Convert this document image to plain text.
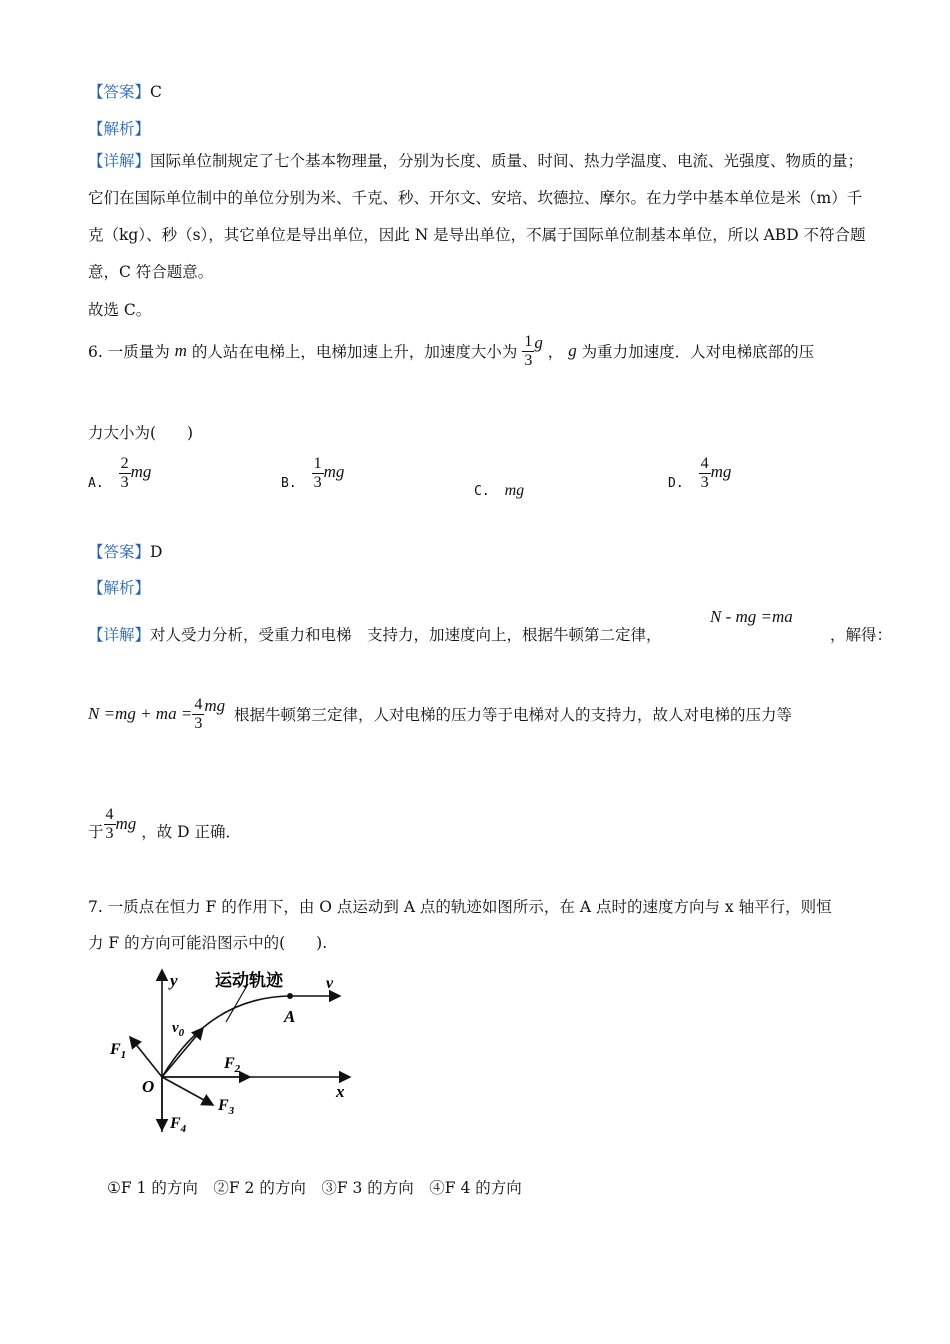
【答案】C
【解析】
【详解】国际单位制规定了七个基本物理量，分别为长度、质量、时间、热力学温度、电流、光强度、物质的量；它们在国际单位制中的单位分别为米、千克、秒、开尔文、安培、坎德拉、摩尔。在力学中基本单位是米（m）千克（kg）、秒（s），其它单位是导出单位，因此 N 是导出单位，不属于国际单位制基本单位，所以 ABD 不符合题意，C 符合题意。
故选 C。
6. 一质量为 m 的人站在电梯上，电梯加速上升，加速度大小为 $\frac{1}{3}$ g ， g 为重力加速度．人对电梯底部的压
力大小为(　　)
A. $\frac{2}{3}$ mg
B. $\frac{1}{3}$ mg
C. mg	D. $\frac{4}{3}$ mg
【答案】D
【解析】
【详解】对人受力分析，受重力和电梯　支持力，加速度向上，根据牛顿第二定律，
N - mg =ma
，解得：
N =mg + ma = $\frac{4}{3}$ mg 根据牛顿第三定律，人对电梯的压力等于电梯对人的支持力，故人对电梯的压力等
于 $\frac{4}{3}$ mg ，故 D 正确．
7. 一质点在恒力 F 的作用下，由 O 点运动到 A 点的轨迹如图所示，在 A 点时的速度方向与 x 轴平行，则恒
力 F 的方向可能沿图示中的(　　).
运动轨迹
y
x
O
A
v
$v_0$
$F_1$	$F_2$
$F_3$
$F_4$
①F 1 的方向　②F 2 的方向　③F 3 的方向　④F 4 的方向
